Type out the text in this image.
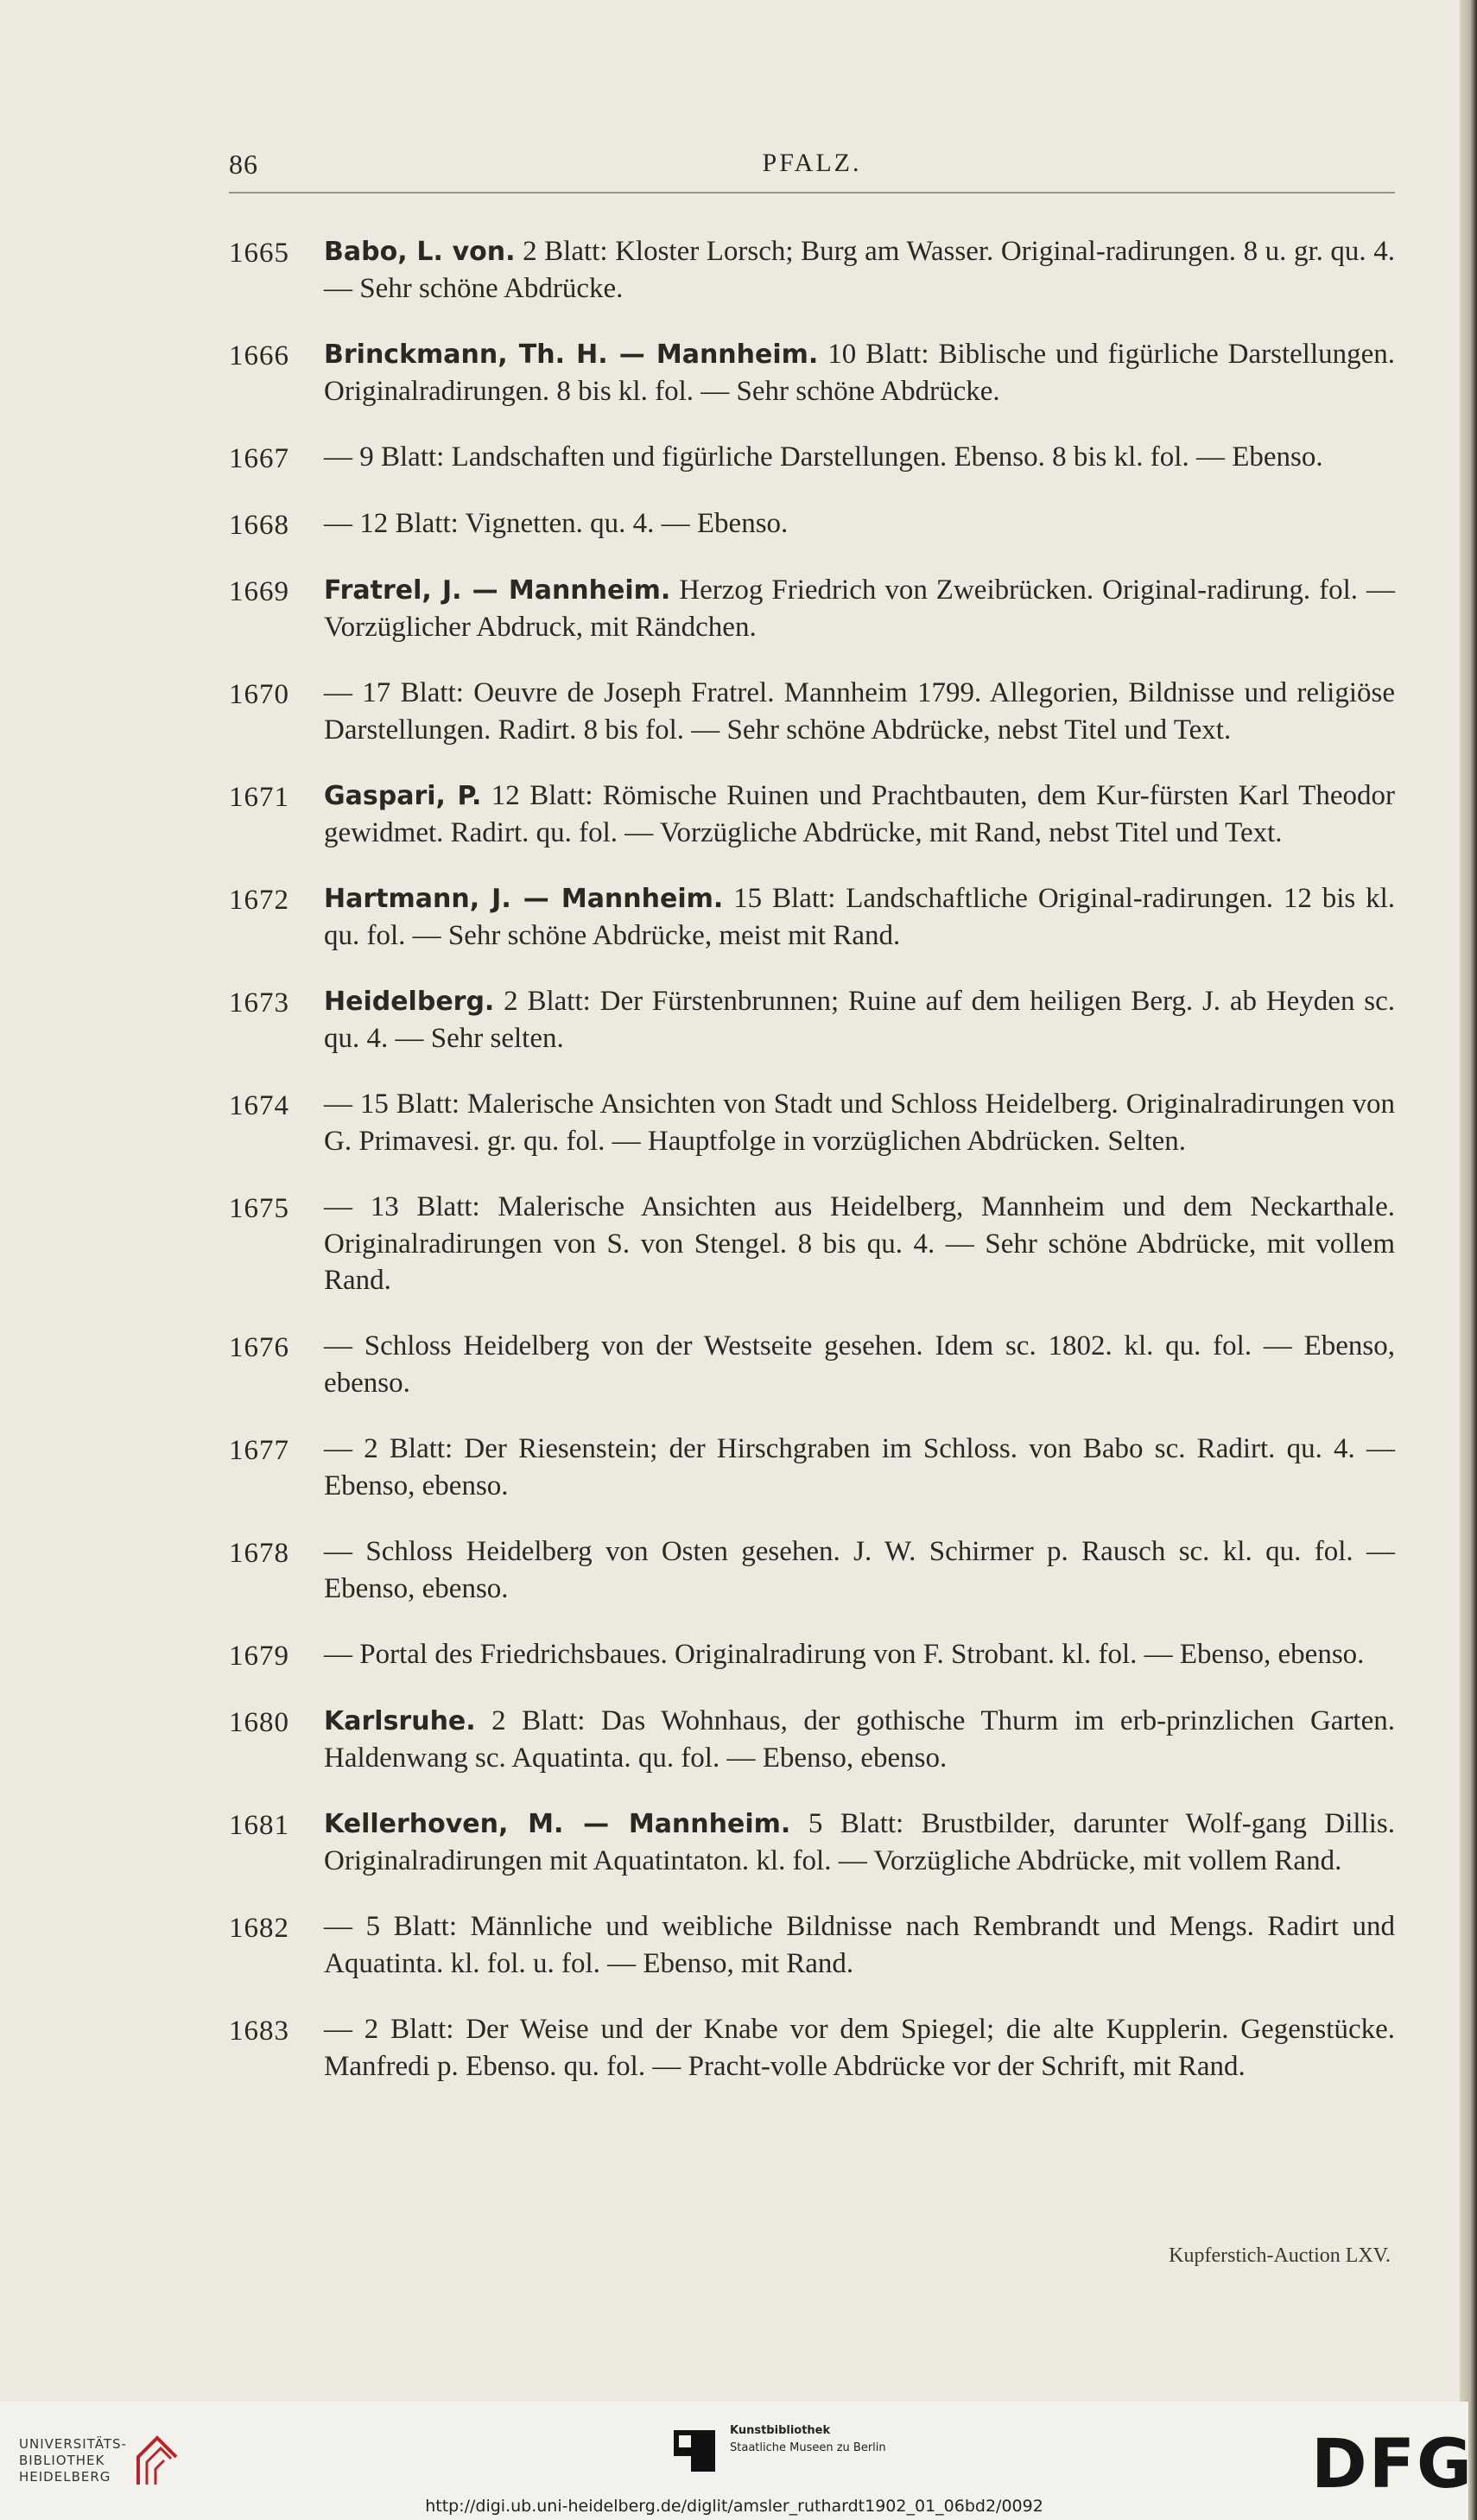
86	PFALZ.
1665 Babo, L. von. 2 Blatt: Kloster Lorsch; Burg am Wasser. Original-radirungen. 8 u. gr. qu. 4. — Sehr schöne Abdrücke.
1666 Brinckmann, Th. H. — Mannheim. 10 Blatt: Biblische und figürliche Darstellungen. Originalradirungen. 8 bis kl. fol. — Sehr schöne Abdrücke.
1667 — 9 Blatt: Landschaften und figürliche Darstellungen. Ebenso. 8 bis kl. fol. — Ebenso.
1668 — 12 Blatt: Vignetten. qu. 4. — Ebenso.
1669 Fratrel, J. — Mannheim. Herzog Friedrich von Zweibrücken. Original-radirung. fol. — Vorzüglicher Abdruck, mit Rändchen.
1670 — 17 Blatt: Oeuvre de Joseph Fratrel. Mannheim 1799. Allegorien, Bildnisse und religiöse Darstellungen. Radirt. 8 bis fol. — Sehr schöne Abdrücke, nebst Titel und Text.
1671 Gaspari, P. 12 Blatt: Römische Ruinen und Prachtbauten, dem Kur-fürsten Karl Theodor gewidmet. Radirt. qu. fol. — Vorzügliche Abdrücke, mit Rand, nebst Titel und Text.
1672 Hartmann, J. — Mannheim. 15 Blatt: Landschaftliche Original-radirungen. 12 bis kl. qu. fol. — Sehr schöne Abdrücke, meist mit Rand.
1673 Heidelberg. 2 Blatt: Der Fürstenbrunnen; Ruine auf dem heiligen Berg. J. ab Heyden sc. qu. 4. — Sehr selten.
1674 — 15 Blatt: Malerische Ansichten von Stadt und Schloss Heidelberg. Originalradirungen von G. Primavesi. gr. qu. fol. — Hauptfolge in vorzüglichen Abdrücken. Selten.
1675 — 13 Blatt: Malerische Ansichten aus Heidelberg, Mannheim und dem Neckarthale. Originalradirungen von S. von Stengel. 8 bis qu. 4. — Sehr schöne Abdrücke, mit vollem Rand.
1676 — Schloss Heidelberg von der Westseite gesehen. Idem sc. 1802. kl. qu. fol. — Ebenso, ebenso.
1677 — 2 Blatt: Der Riesenstein; der Hirschgraben im Schloss. von Babo sc. Radirt. qu. 4. — Ebenso, ebenso.
1678 — Schloss Heidelberg von Osten gesehen. J. W. Schirmer p. Rausch sc. kl. qu. fol. — Ebenso, ebenso.
1679 — Portal des Friedrichsbaues. Originalradirung von F. Strobant. kl. fol. — Ebenso, ebenso.
1680 Karlsruhe. 2 Blatt: Das Wohnhaus, der gothische Thurm im erb-prinzlichen Garten. Haldenwang sc. Aquatinta. qu. fol. — Ebenso, ebenso.
1681 Kellerhoven, M. — Mannheim. 5 Blatt: Brustbilder, darunter Wolf-gang Dillis. Originalradirungen mit Aquatintaton. kl. fol. — Vorzügliche Abdrücke, mit vollem Rand.
1682 — 5 Blatt: Männliche und weibliche Bildnisse nach Rembrandt und Mengs. Radirt und Aquatinta. kl. fol. u. fol. — Ebenso, mit Rand.
1683 — 2 Blatt: Der Weise und der Knabe vor dem Spiegel; die alte Kupplerin. Gegenstücke. Manfredi p. Ebenso. qu. fol. — Pracht-volle Abdrücke vor der Schrift, mit Rand.
Kupferstich-Auction LXV.
UNIVERSITÄTS-
BIBLIOTHEK
HEIDELBERG
Kunstbibliothek
Staatliche Museen zu Berlin	DFG
http://digi.ub.uni-heidelberg.de/diglit/amsler_ruthardt1902_01_06bd2/0092
